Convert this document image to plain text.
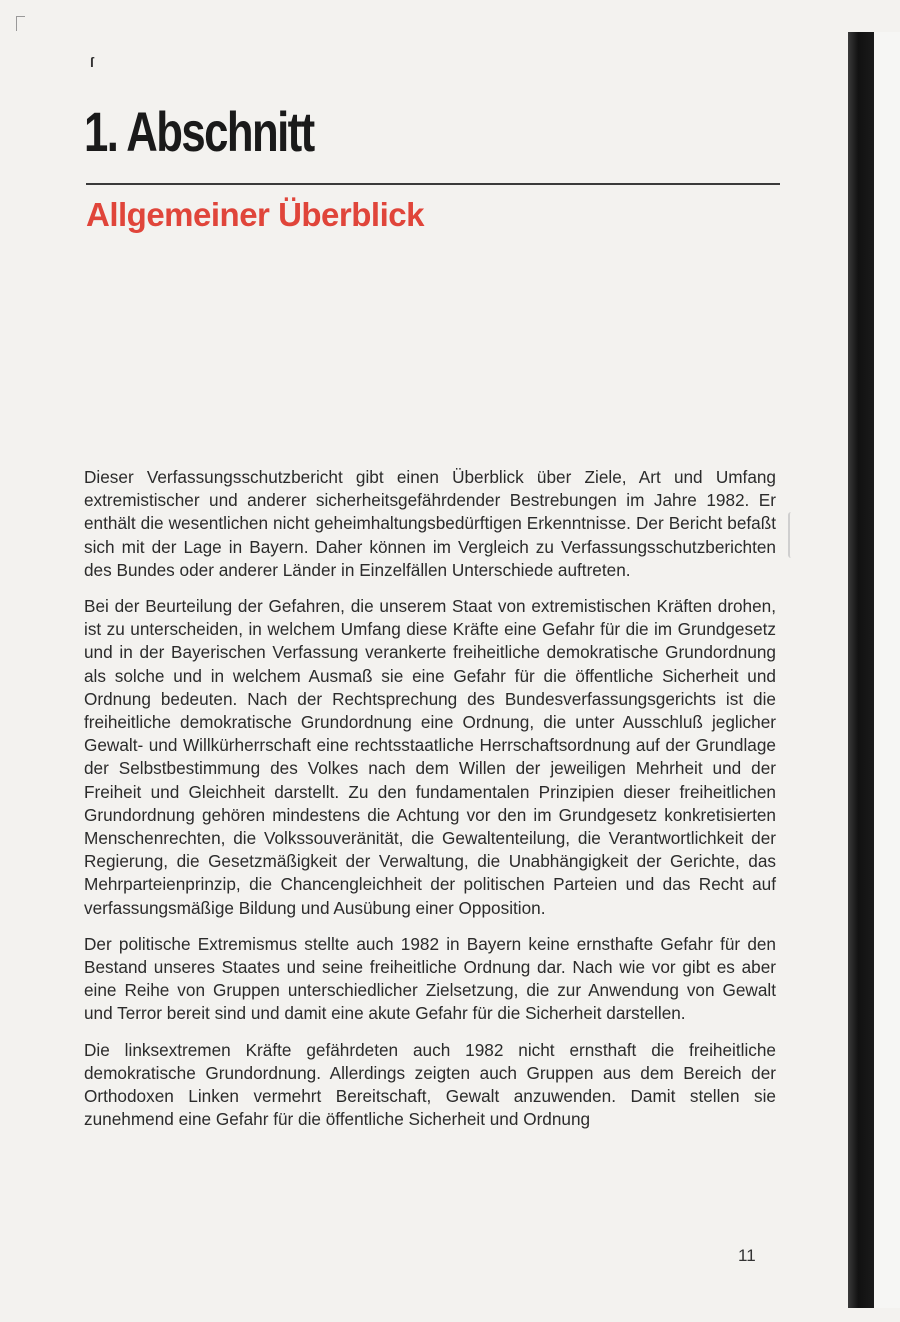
ſ
1. Abschnitt
Allgemeiner Überblick

Dieser Verfassungsschutzbericht gibt einen Überblick über Ziele, Art und Umfang extremistischer und anderer sicherheitsgefährdender Bestrebungen im Jahre 1982. Er enthält die wesentlichen nicht geheimhaltungsbedürftigen Erkenntnisse. Der Bericht befaßt sich mit der Lage in Bayern. Daher können im Vergleich zu Verfassungsschutzberichten des Bundes oder anderer Länder in Einzelfällen Unterschiede auftreten.

Bei der Beurteilung der Gefahren, die unserem Staat von extremistischen Kräften drohen, ist zu unterscheiden, in welchem Umfang diese Kräfte eine Gefahr für die im Grundgesetz und in der Bayerischen Verfassung verankerte freiheitliche demokratische Grundordnung als solche und in welchem Ausmaß sie eine Gefahr für die öffentliche Sicherheit und Ordnung bedeuten. Nach der Rechtsprechung des Bundesverfassungsgerichts ist die freiheitliche demokratische Grundordnung eine Ordnung, die unter Ausschluß jeglicher Gewalt- und Willkürherrschaft eine rechtsstaatliche Herrschaftsordnung auf der Grundlage der Selbstbestimmung des Volkes nach dem Willen der jeweiligen Mehrheit und der Freiheit und Gleichheit darstellt. Zu den fundamentalen Prinzipien dieser freiheitlichen Grundordnung gehören mindestens die Achtung vor den im Grundgesetz konkretisierten Menschenrechten, die Volkssouveränität, die Gewaltenteilung, die Verantwortlichkeit der Regierung, die Gesetzmäßigkeit der Verwaltung, die Unabhängigkeit der Gerichte, das Mehrparteienprinzip, die Chancengleichheit der politischen Parteien und das Recht auf verfassungsmäßige Bildung und Ausübung einer Opposition.

Der politische Extremismus stellte auch 1982 in Bayern keine ernsthafte Gefahr für den Bestand unseres Staates und seine freiheitliche Ordnung dar. Nach wie vor gibt es aber eine Reihe von Gruppen unterschiedlicher Zielsetzung, die zur Anwendung von Gewalt und Terror bereit sind und damit eine akute Gefahr für die Sicherheit darstellen.

Die linksextremen Kräfte gefährdeten auch 1982 nicht ernsthaft die freiheitliche demokratische Grundordnung. Allerdings zeigten auch Gruppen aus dem Bereich der Orthodoxen Linken vermehrt Bereitschaft, Gewalt anzuwenden. Damit stellen sie zunehmend eine Gefahr für die öffentliche Sicherheit und Ordnung

11
